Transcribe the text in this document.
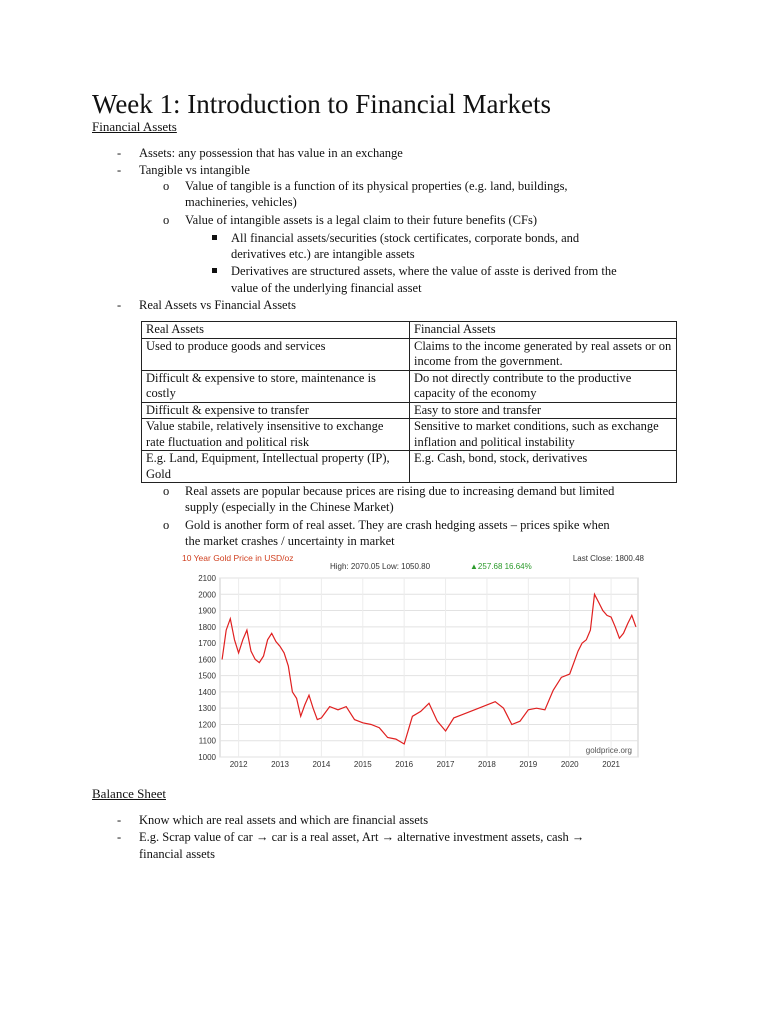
Week 1: Introduction to Financial Markets
Financial Assets
- Assets: any possession that has value in an exchange
- Tangible vs intangible
o Value of tangible is a function of its physical properties (e.g. land, buildings,
machineries, vehicles)
o Value of intangible assets is a legal claim to their future benefits (CFs)
All financial assets/securities (stock certificates, corporate bonds, and
derivatives etc.) are intangible assets
Derivatives are structured assets, where the value of asste is derived from the
value of the underlying financial asset
- Real Assets vs Financial Assets
Real Assets	Financial Assets
Used to produce goods and services	Claims to the income generated by real assets or on income from the government.
Difficult & expensive to store, maintenance is costly	Do not directly contribute to the productive capacity of the economy
Difficult & expensive to transfer	Easy to store and transfer
Value stabile, relatively insensitive to exchange rate fluctuation and political risk	Sensitive to market conditions, such as exchange inflation and political instability
E.g. Land, Equipment, Intellectual property (IP), Gold	E.g. Cash, bond, stock, derivatives
o Real assets are popular because prices are rising due to increasing demand but limited
supply (especially in the Chinese Market)
o Gold is another form of real asset. They are crash hedging assets – prices spike when
the market crashes / uncertainty in market
1000
1100
1200
1300
1400
1500
1600
1700
1800
1900
2000
2100
2012	2013	2014	2015	2016	2017	2018	2019	2020	2021
10 Year Gold Price in USD/oz
High: 2070.05 Low: 1050.80	▲257.68 16.64%
Last Close: 1800.48
goldprice.org
Balance Sheet
- Know which are real assets and which are financial assets
- E.g. Scrap value of car → car is a real asset, Art → alternative investment assets, cash →
financial assets
